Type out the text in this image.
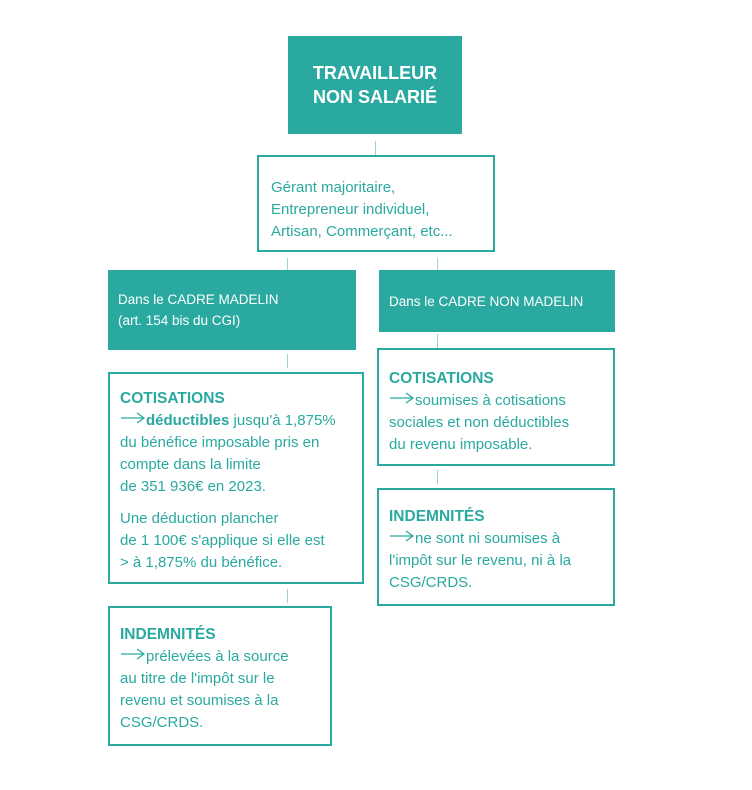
TRAVAILLEUR
NON SALARIÉ
Gérant majoritaire,
Entrepreneur individuel,
Artisan, Commerçant, etc...
Dans le CADRE MADELIN
(art. 154 bis du CGI)
Dans le CADRE NON MADELIN
COTISATIONS
déductibles jusqu'à 1,875%
du bénéfice imposable pris en
compte dans la limite
de 351 936€ en 2023.
Une déduction plancher
de 1 100€ s'applique si elle est
> à 1,875% du bénéfice.
INDEMNITÉS
prélevées à la source
au titre de l'impôt sur le
revenu et soumises à la
CSG/CRDS.
COTISATIONS
soumises à cotisations
sociales et non déductibles
du revenu imposable.
INDEMNITÉS
ne sont ni soumises à
l'impôt sur le revenu, ni à la
CSG/CRDS.
